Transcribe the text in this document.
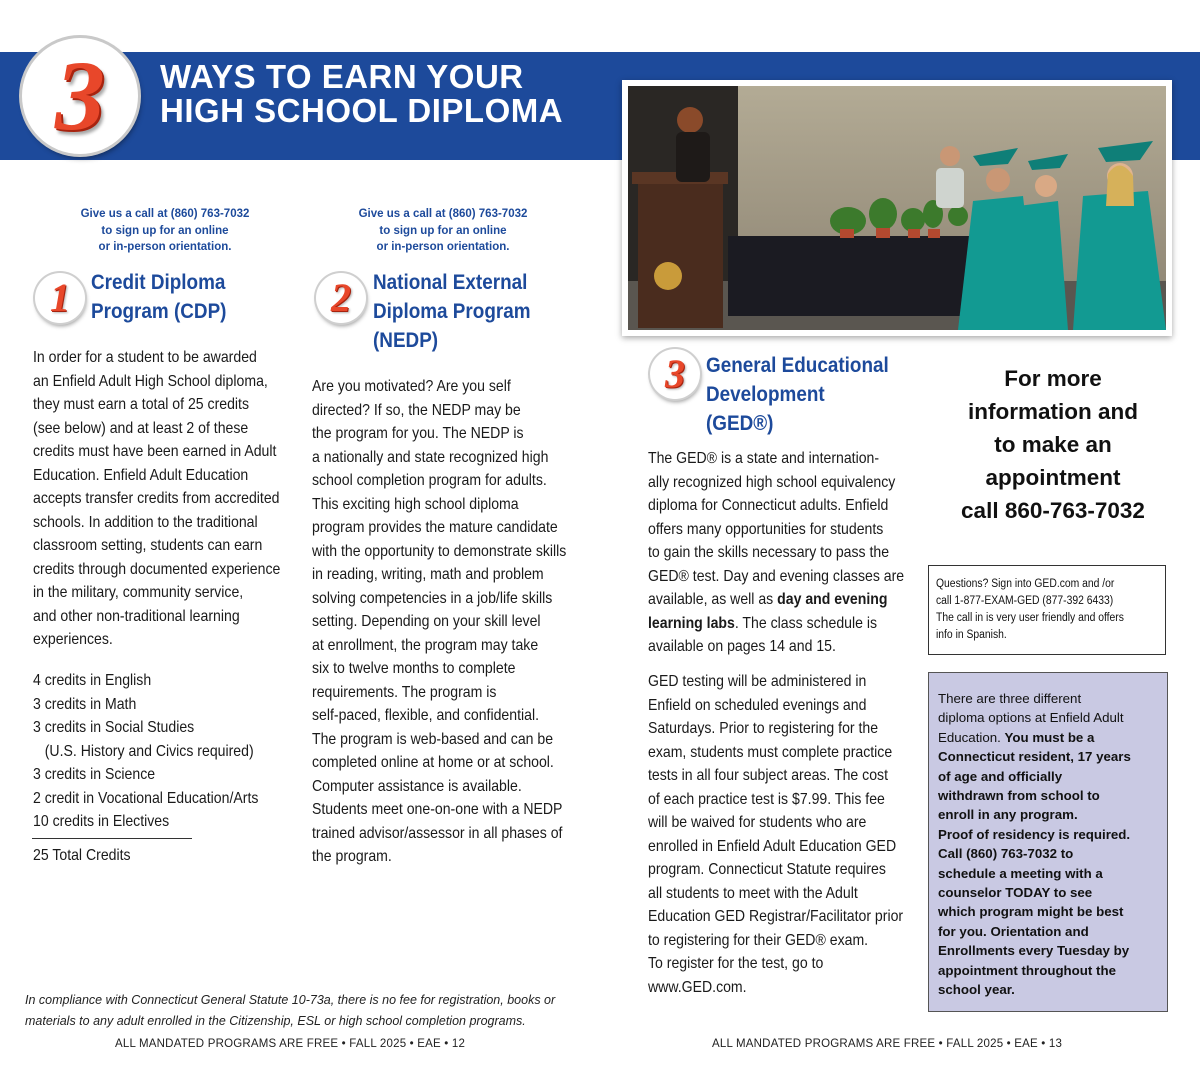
3	WAYS TO EARN YOUR
HIGH SCHOOL DIPLOMA
Give us a call at (860) 763-7032
to sign up for an online
or in-person orientation.
1	Credit Diploma
Program (CDP)
In order for a student to be awarded
an Enfield Adult High School diploma,
they must earn a total of 25 credits
(see below) and at least 2 of these
credits must have been earned in Adult
Education. Enfield Adult Education
accepts transfer credits from accredited
schools. In addition to the traditional
classroom setting, students can earn
credits through documented experience
in the military, community service,
and other non-traditional learning
experiences.
4 credits in English
3 credits in Math
3 credits in Social Studies
(U.S. History and Civics required)
3 credits in Science
2 credit in Vocational Education/Arts
10 credits in Electives
25 Total Credits
Give us a call at (860) 763-7032
to sign up for an online
or in-person orientation.
2	National External
Diploma Program
(NEDP)
Are you motivated? Are you self
directed? If so, the NEDP may be
the program for you. The NEDP is
a nationally and state recognized high
school completion program for adults.
This exciting high school diploma
program provides the mature candidate
with the opportunity to demonstrate skills
in reading, writing, math and problem
solving competencies in a job/life skills
setting. Depending on your skill level
at enrollment, the program may take
six to twelve months to complete
requirements. The program is
self-paced, flexible, and confidential.
The program is web-based and can be
completed online at home or at school.
Computer assistance is available.
Students meet one-on-one with a NEDP
trained advisor/assessor in all phases of
the program.
3	General Educational
Development
(GED®)
The GED® is a state and internation-
ally recognized high school equivalency
diploma for Connecticut adults. Enfield
offers many opportunities for students
to gain the skills necessary to pass the
GED® test. Day and evening classes are
available, as well as day and evening
learning labs. The class schedule is
available on pages 14 and 15.
GED testing will be administered in
Enfield on scheduled evenings and
Saturdays. Prior to registering for the
exam, students must complete practice
tests in all four subject areas. The cost
of each practice test is $7.99. This fee
will be waived for students who are
enrolled in Enfield Adult Education GED
program. Connecticut Statute requires
all students to meet with the Adult
Education GED Registrar/Facilitator prior
to registering for their GED® exam.
To register for the test, go to
www.GED.com.
For more
information and
to make an
appointment
call 860-763-7032
Questions? Sign into GED.com and /or
call 1-877-EXAM-GED (877-392 6433)
The call in is very user friendly and offers
info in Spanish.
There are three different
diploma options at Enfield Adult
Education. You must be a
Connecticut resident, 17 years
of age and officially
withdrawn from school to
enroll in any program.
Proof of residency is required.
Call (860) 763-7032 to
schedule a meeting with a
counselor TODAY to see
which program might be best
for you. Orientation and
Enrollments every Tuesday by
appointment throughout the
school year.
In compliance with Connecticut General Statute 10-73a, there is no fee for registration, books or
materials to any adult enrolled in the Citizenship, ESL or high school completion programs.
ALL MANDATED PROGRAMS ARE FREE • FALL 2025 • EAE • 12	ALL MANDATED PROGRAMS ARE FREE • FALL 2025 • EAE • 13
